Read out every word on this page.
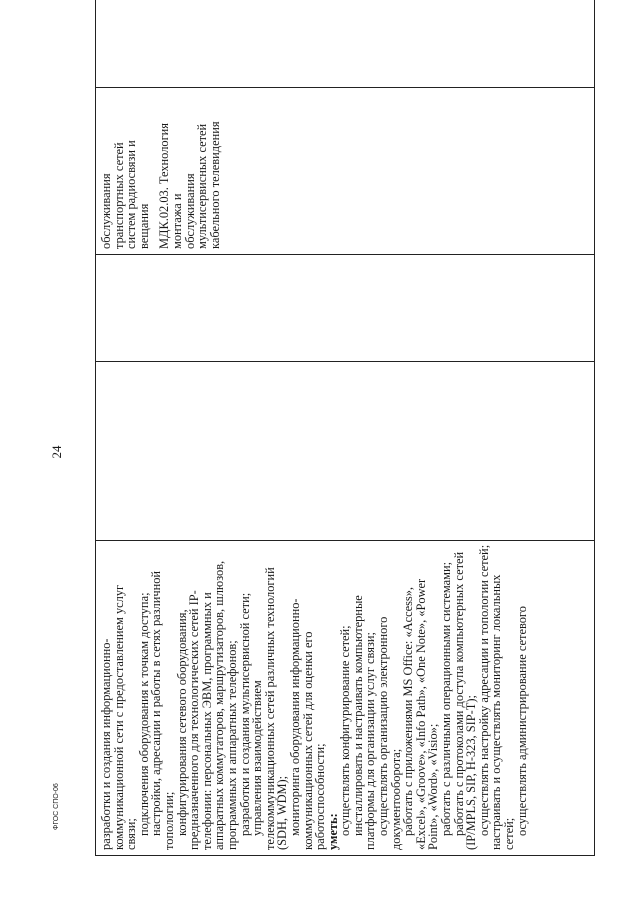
24
разработки и создания информационно-
коммуникационной сети с предоставлением услуг
связи;
подключения оборудования к точкам доступа;
настройки, адресации и работы в сетях различной
топологии;
конфигурирования сетевого оборудования,
предназначенного для технологических сетей IP-
телефонии: персональных ЭВМ, программных и
аппаратных коммутаторов, маршрутизаторов, шлюзов,
программных и аппаратных телефонов;
разработки и создания мультисервисной сети;
управления взаимодействием
телекоммуникационных сетей различных технологий
(SDH, WDM);
мониторинга оборудования информационно-
коммуникационных сетей для оценки его
работоспособности;
уметь:
осуществлять конфигурирование сетей;
инсталлировать и настраивать компьютерные
платформы для организации услуг связи;
осуществлять организацию электронного
документооборота;
работать с приложениями MS Office: «Access»,
«Excel», «Groove», «Info Path», «One Note», «Power
Point», «Word», «Visio»;
работать с различными операционными системами;
работать с протоколами доступа компьютерных сетей
(IP/MPLS, SIP, H-323, SIP-T);
осуществлять настройку адресации и топологии сетей;
настраивать и осуществлять мониторинг локальных
сетей;
осуществлять администрирование сетевого

обслуживания
транспортных сетей
систем радиосвязи и
вещания МДК.02.03. Технология
монтажа и
обслуживания
мультисервисных сетей
кабельного телевидения

ФГОС СПО-06
